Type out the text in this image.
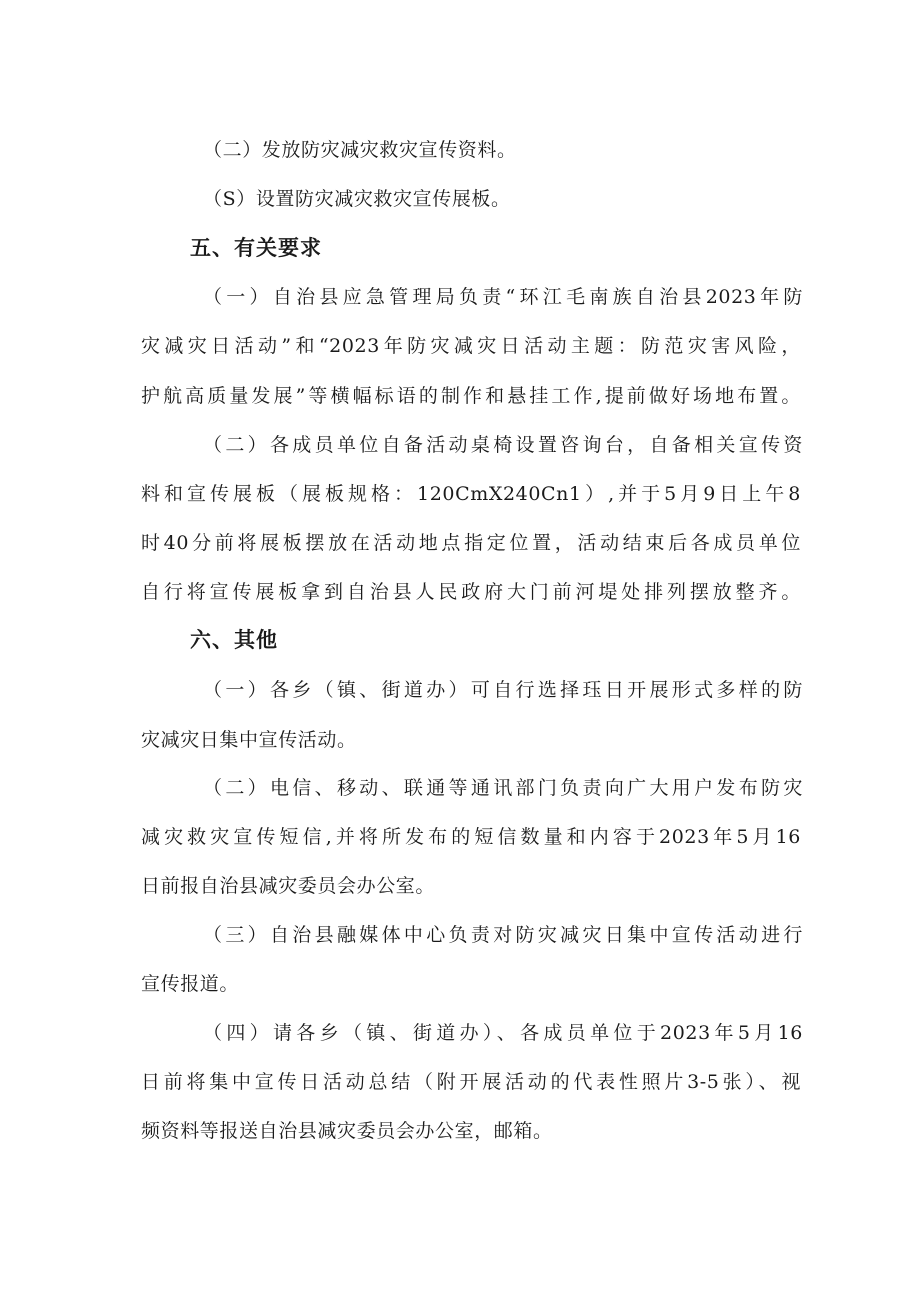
（二）发放防灾减灾救灾宣传资料。
（S）设置防灾减灾救灾宣传展板。
五、有关要求
（一）自治县应急管理局负责“环江毛南族自治县2023年防
灾减灾日活动”和“2023年防灾减灾日活动主题：防范灾害风险，
护航高质量发展”等横幅标语的制作和悬挂工作,提前做好场地布置。
（二）各成员单位自备活动桌椅设置咨询台，自备相关宣传资
料和宣传展板（展板规格：120CmX240Cn1）,并于5月9日上午8
时40分前将展板摆放在活动地点指定位置，活动结束后各成员单位
自行将宣传展板拿到自治县人民政府大门前河堤处排列摆放整齐。
六、其他
（一）各乡（镇、街道办）可自行选择珏日开展形式多样的防
灾减灾日集中宣传活动。
（二）电信、移动、联通等通讯部门负责向广大用户发布防灾
减灾救灾宣传短信,并将所发布的短信数量和内容于2023年5月16
日前报自治县减灾委员会办公室。
（三）自治县融媒体中心负责对防灾减灾日集中宣传活动进行
宣传报道。
（四）请各乡（镇、街道办）、各成员单位于2023年5月16
日前将集中宣传日活动总结（附开展活动的代表性照片3-5张）、视
频资料等报送自治县减灾委员会办公室，邮箱。
